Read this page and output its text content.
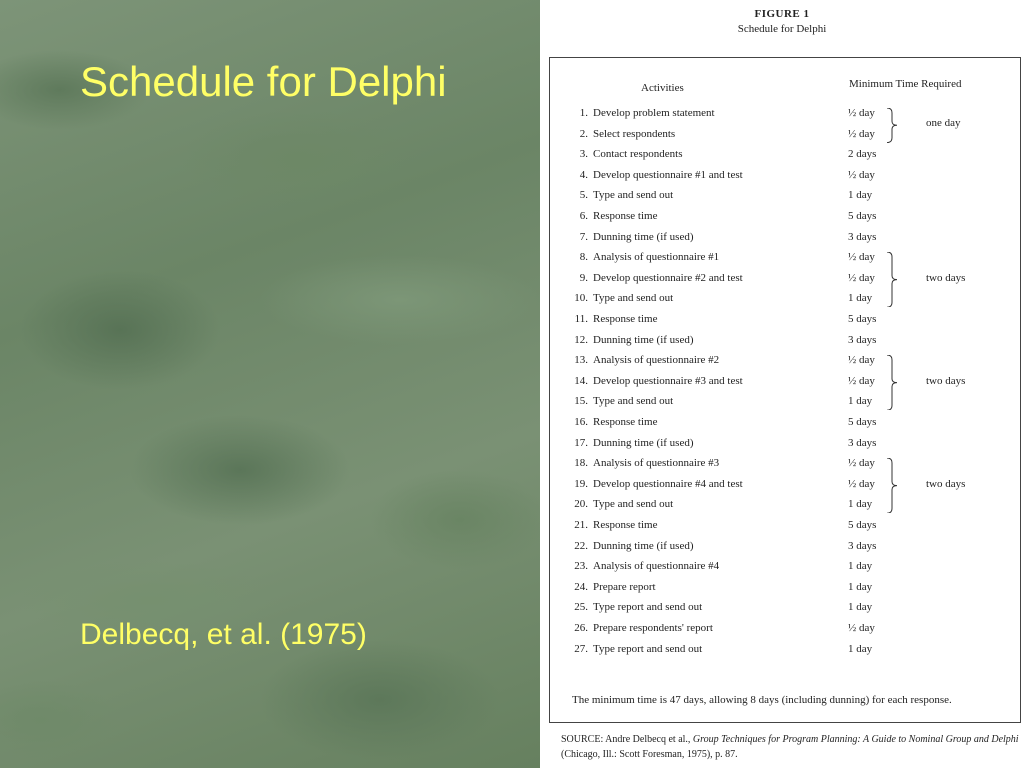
Schedule for Delphi

Delbecq, et al. (1975)

FIGURE 1
Schedule for Delphi
Activities	Minimum Time Required
1. Develop problem statement	½ day
2. Select respondents	½ day
3. Contact respondents	2 days
4. Develop questionnaire #1 and test	½ day
5. Type and send out	1 day
6. Response time	5 days
7. Dunning time (if used)	3 days
8. Analysis of questionnaire #1	½ day
9. Develop questionnaire #2 and test	½ day
10. Type and send out	1 day
11. Response time	5 days
12. Dunning time (if used)	3 days
13. Analysis of questionnaire #2	½ day
14. Develop questionnaire #3 and test	½ day
15. Type and send out	1 day
16. Response time	5 days
17. Dunning time (if used)	3 days
18. Analysis of questionnaire #3	½ day
19. Develop questionnaire #4 and test	½ day
20. Type and send out	1 day
21. Response time	5 days
22. Dunning time (if used)	3 days
23. Analysis of questionnaire #4	1 day
24. Prepare report	1 day
25. Type report and send out	1 day
26. Prepare respondents' report	½ day
27. Type report and send out	1 day
one day
two days
two days
two days
The minimum time is 47 days, allowing 8 days (including dunning) for each response.
SOURCE: Andre Delbecq et al., Group Techniques for Program Planning: A Guide to Nominal Group and Delphi (Chicago, Ill.: Scott Foresman, 1975), p. 87.
